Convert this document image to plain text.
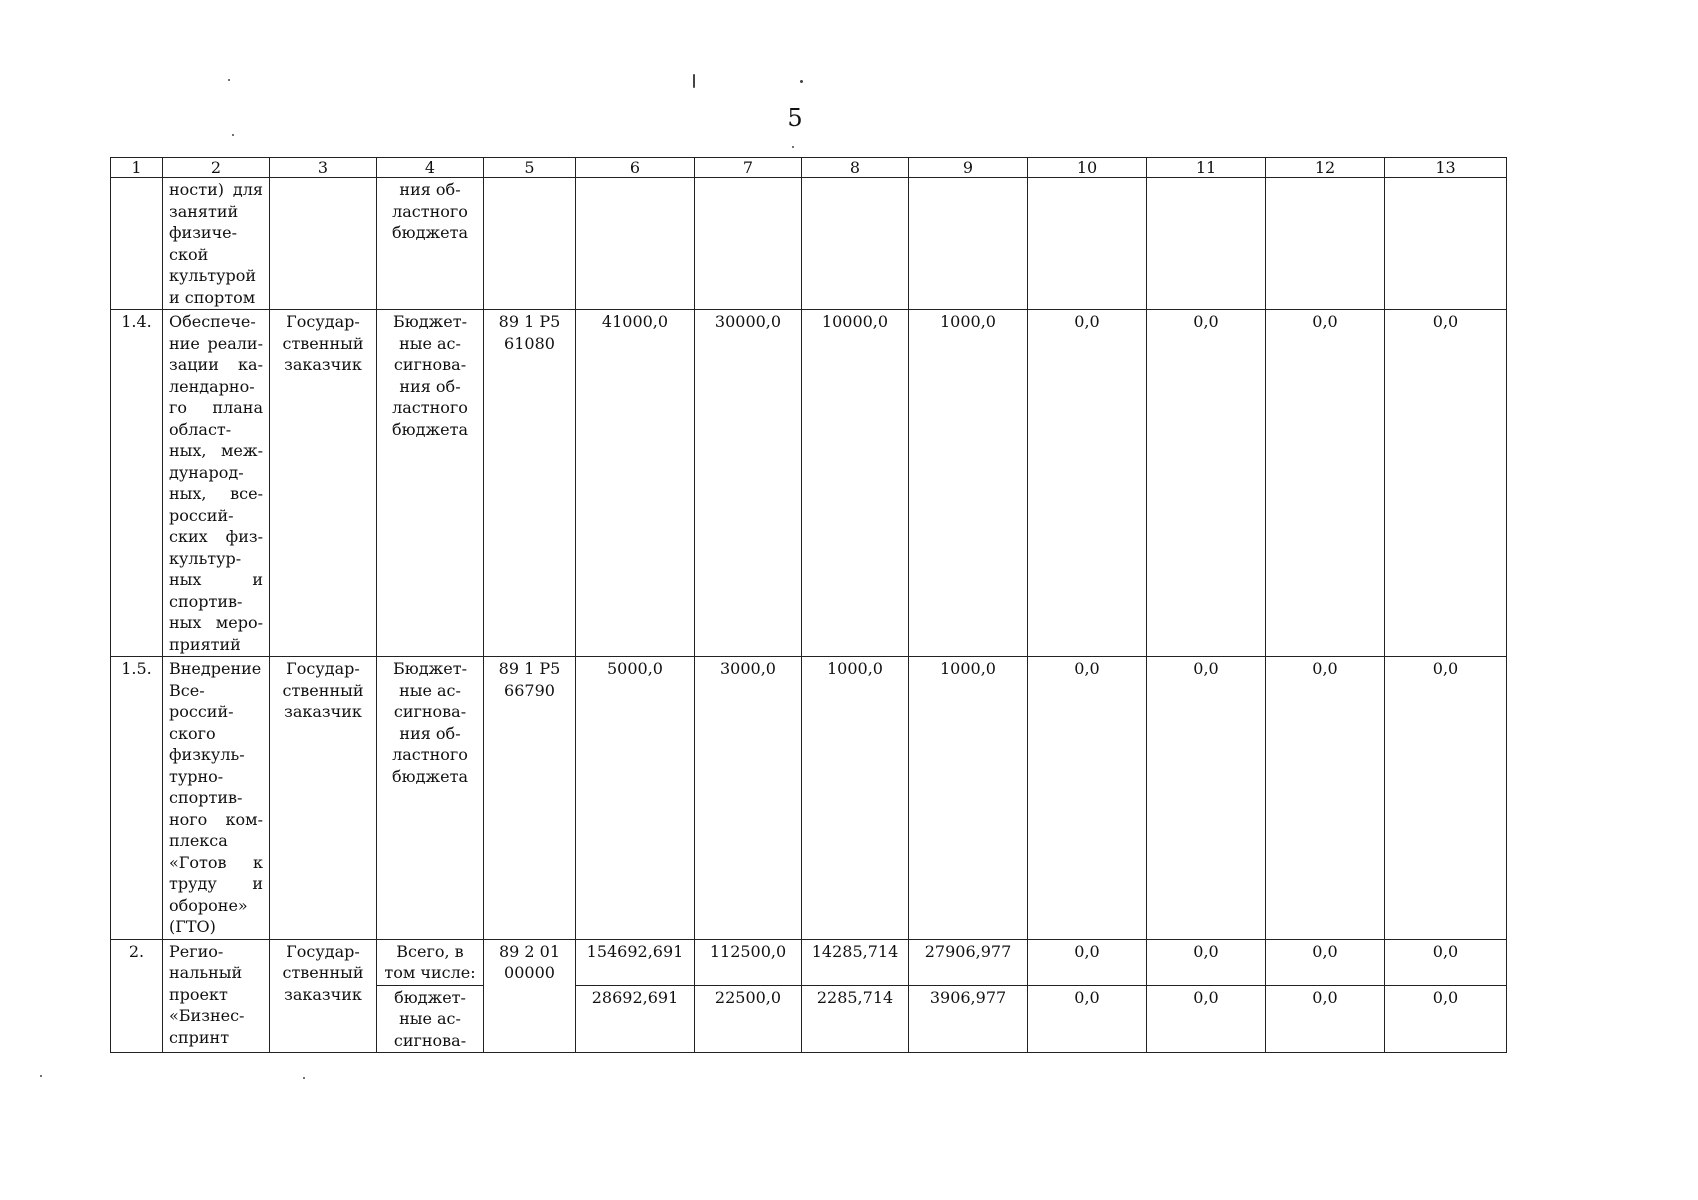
5
1	2	3	4	5	6	7	8	9	10	11	12	13
	ности) для занятий физической культурой и спортом		ния областного бюджета									
1.4.	Обеспечение реализации календарного плана областных, международных, всероссийских физкультурных и спортивных мероприятий	Государственный заказчик	Бюджетные ассигнования областного бюджета	89 1 P5 61080	41000,0	30000,0	10000,0	1000,0	0,0	0,0	0,0	0,0
1.5.	Внедрение Всероссийского физкультурно-спортивного комплекса «Готов к труду и обороне» (ГТО)	Государственный заказчик	Бюджетные ассигнования областного бюджета	89 1 P5 66790	5000,0	3000,0	1000,0	1000,0	0,0	0,0	0,0	0,0
2.	Региональный проект «Бизнес-спринт	Государственный заказчик	Всего, в том числе:	89 2 01 00000	154692,691	112500,0	14285,714	27906,977	0,0	0,0	0,0	0,0
			бюджетные ассигнова-		28692,691	22500,0	2285,714	3906,977	0,0	0,0	0,0	0,0
